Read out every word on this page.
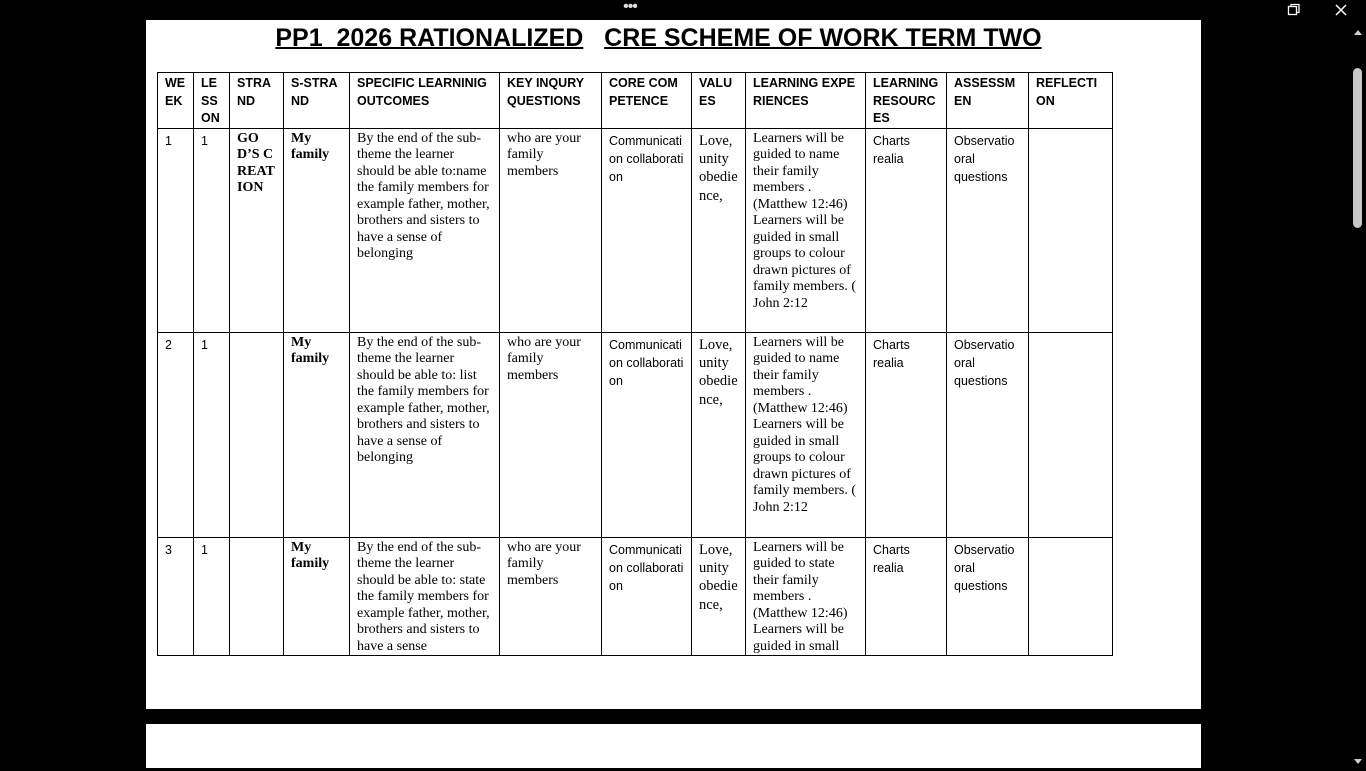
•••
PP1  2026 RATIONALIZED CRE SCHEME OF WORK TERM TWO
WEEK	LESSON	STRAND	S-STRAND	SPECIFIC LEARNINIG OUTCOMES	KEY INQURY QUESTIONS	CORE COMPETENCE	VALUES	LEARNING EXPERIENCES	LEARNING RESOURCES	ASSESSMEN	REFLECTION

1	1	GOD’S CREATION	My family	By the end of the sub-theme the learner should be able to:name the family members for example father, mother, brothers and sisters to have a sense of belonging	who are your family members	Communication collaboration	Love, unity obedience,	Learners will be guided to name their family members .(Matthew 12:46) Learners will be guided in small groups to colour drawn pictures of family members. ( John 2:12	Charts realia	Observatio oral questions	

2	1		My family	By the end of the sub-theme the learner should be able to: list the family members for example father, mother, brothers and sisters to have a sense of belonging	who are your family members	Communication collaboration	Love, unity obedience,	Learners will be guided to name their family members .(Matthew 12:46) Learners will be guided in small groups to colour drawn pictures of family members. ( John 2:12	Charts realia	Observatio oral questions	

3	1		My family	By the end of the sub-theme the learner should be able to: state the family members for example father, mother, brothers and sisters to have a sense	who are your family members	Communication collaboration	Love, unity obedience,	Learners will be guided to state their family members .(Matthew 12:46) Learners will be guided in small	Charts realia	Observatio oral questions	
